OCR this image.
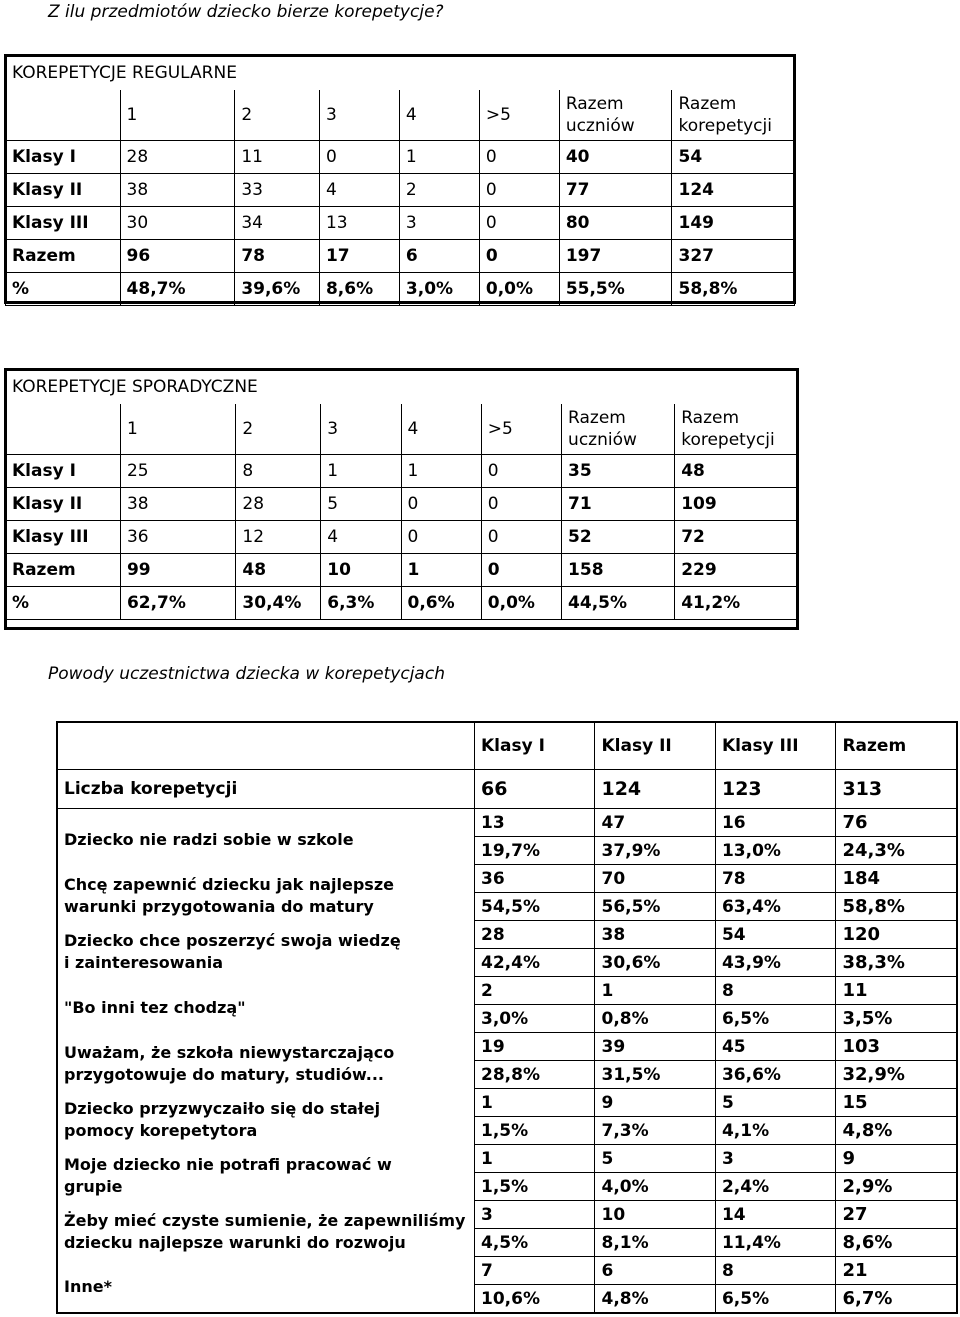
Z ilu przedmiotów dziecko bierze korepetycje?
KOREPETYCJE REGULARNE							
	1	2	3	4	>5	Razem uczniów	Razem korepetycji
Klasy I	28	11	0	1	0	40	54
Klasy II	38	33	4	2	0	77	124
Klasy III	30	34	13	3	0	80	149
Razem	96	78	17	6	0	197	327
%	48,7%	39,6%	8,6%	3,0%	0,0%	55,5%	58,8%
KOREPETYCJE SPORADYCZNE							
	1	2	3	4	>5	Razem uczniów	Razem korepetycji
Klasy I	25	8	1	1	0	35	48
Klasy II	38	28	5	0	0	71	109
Klasy III	36	12	4	0	0	52	72
Razem	99	48	10	1	0	158	229
%	62,7%	30,4%	6,3%	0,6%	0,0%	44,5%	41,2%
Powody uczestnictwa dziecka w korepetycjach
	Klasy I	Klasy II	Klasy III	Razem
Liczba korepetycji	66	124	123	313

Dziecko nie radzi sobie w szkole	13	47	16	76
	19,7%	37,9%	13,0%	24,3%

Chcę zapewnić dziecku jak najlepsze warunki przygotowania do matury	36	70	78	184
	54,5%	56,5%	63,4%	58,8%

Dziecko chce poszerzyć swoja wiedzę i zainteresowania	28	38	54	120
	42,4%	30,6%	43,9%	38,3%

"Bo inni tez chodzą"	2	1	8	11
	3,0%	0,8%	6,5%	3,5%

Uważam, że szkoła niewystarczająco przygotowuje do matury, studiów...	19	39	45	103
	28,8%	31,5%	36,6%	32,9%

Dziecko przyzwyczaiło się do stałej pomocy korepetytora	1	9	5	15
	1,5%	7,3%	4,1%	4,8%

Moje dziecko nie potrafi pracować w grupie	1	5	3	9
	1,5%	4,0%	2,4%	2,9%

Żeby mieć czyste sumienie, że zapewniliśmy dziecku najlepsze warunki do rozwoju	3	10	14	27
	4,5%	8,1%	11,4%	8,6%

Inne*	7	6	8	21
	10,6%	4,8%	6,5%	6,7%
